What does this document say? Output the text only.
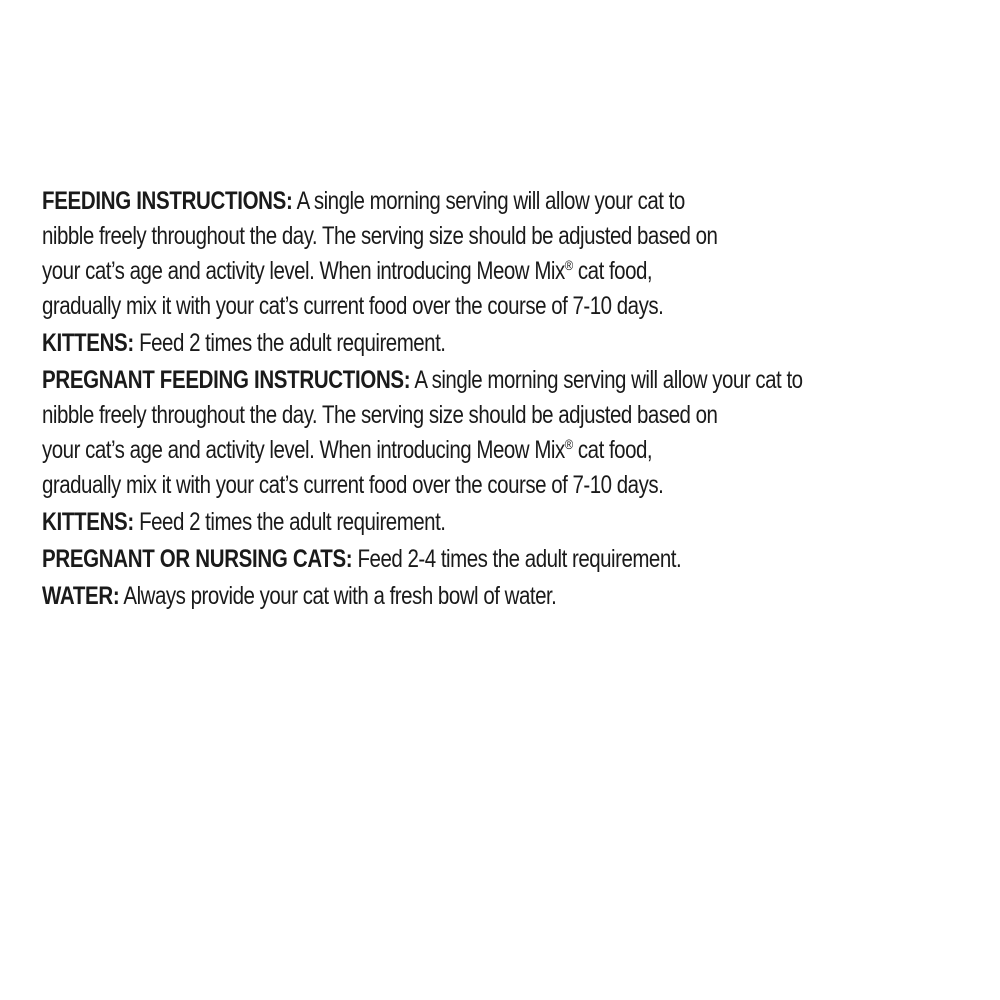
FEEDING INSTRUCTIONS: A single morning serving will allow your cat to
nibble freely throughout the day. The serving size should be adjusted based on
your cat’s age and activity level. When introducing Meow Mix® cat food,
gradually mix it with your cat’s current food over the course of 7-10 days.

KITTENS: Feed 2 times the adult requirement.

PREGNANT FEEDING INSTRUCTIONS: A single morning serving will allow your cat to
nibble freely throughout the day. The serving size should be adjusted based on
your cat’s age and activity level. When introducing Meow Mix® cat food,
gradually mix it with your cat’s current food over the course of 7-10 days.

KITTENS: Feed 2 times the adult requirement.

PREGNANT OR NURSING CATS: Feed 2-4 times the adult requirement.

WATER: Always provide your cat with a fresh bowl of water.
